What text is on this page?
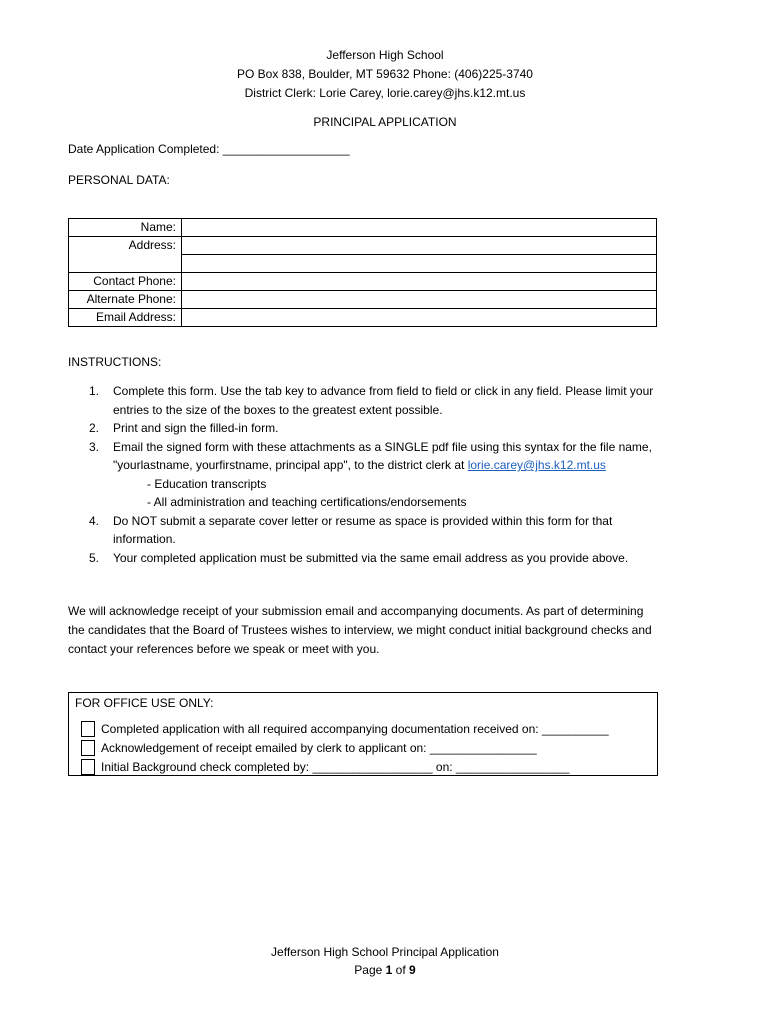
Jefferson High School
PO Box 838, Boulder, MT 59632 Phone: (406)225-3740
District Clerk: Lorie Carey, lorie.carey@jhs.k12.mt.us
PRINCIPAL APPLICATION
Date Application Completed: ___________________
PERSONAL DATA:
Name:	
Address:	

Contact Phone:	
Alternate Phone:	
Email Address:	
INSTRUCTIONS:
1. Complete this form. Use the tab key to advance from field to field or click in any field. Please limit your
entries to the size of the boxes to the greatest extent possible.
2. Print and sign the filled-in form.
3. Email the signed form with these attachments as a SINGLE pdf file using this syntax for the file name,
"yourlastname, yourfirstname, principal app", to the district clerk at lorie.carey@jhs.k12.mt.us
- Education transcripts
- All administration and teaching certifications/endorsements
4. Do NOT submit a separate cover letter or resume as space is provided within this form for that
information.
5. Your completed application must be submitted via the same email address as you provide above.
We will acknowledge receipt of your submission email and accompanying documents. As part of determining
the candidates that the Board of Trustees wishes to interview, we might conduct initial background checks and
contact your references before we speak or meet with you.
FOR OFFICE USE ONLY:
Completed application with all required accompanying documentation received on: __________
Acknowledgement of receipt emailed by clerk to applicant on: ________________
Initial Background check completed by: __________________ on: _________________
Jefferson High School Principal Application
Page 1 of 9
